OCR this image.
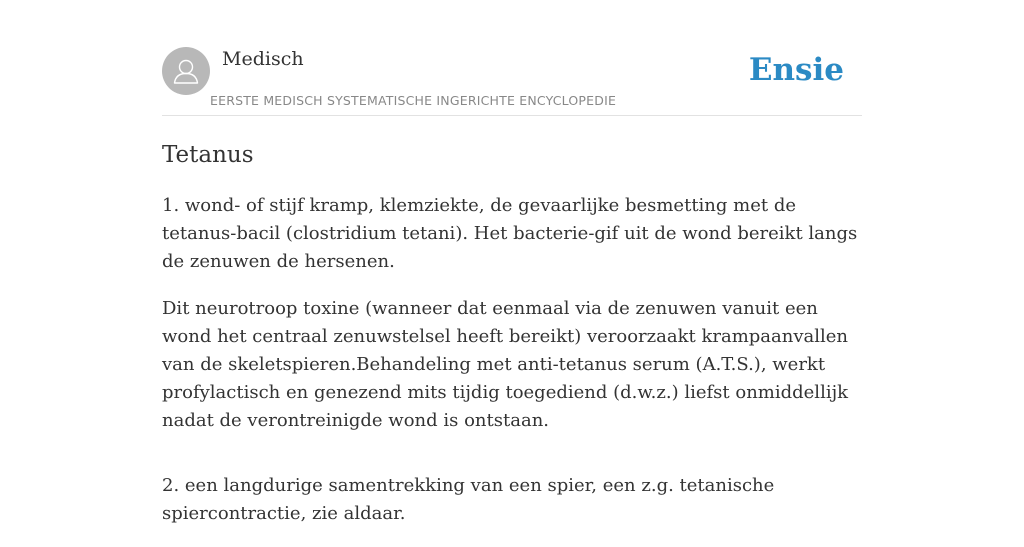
Medisch
EERSTE MEDISCH SYSTEMATISCHE INGERICHTE ENCYCLOPEDIE
Ensie
Tetanus

1. wond- of stijf kramp, klemziekte, de gevaarlijke besmetting met de tetanus-bacil (clostridium tetani). Het bacterie-gif uit de wond bereikt langs de zenuwen de hersenen.

Dit neurotroop toxine (wanneer dat eenmaal via de zenuwen vanuit een wond het centraal zenuwstelsel heeft bereikt) veroorzaakt krampaanvallen van de skeletspieren.Behandeling met anti-tetanus serum (A.T.S.), werkt profylactisch en genezend mits tijdig toegediend (d.w.z.) liefst onmiddellijk nadat de verontreinigde wond is ontstaan.

2. een langdurige samentrekking van een spier, een z.g. tetanische spiercontractie, zie aldaar.
